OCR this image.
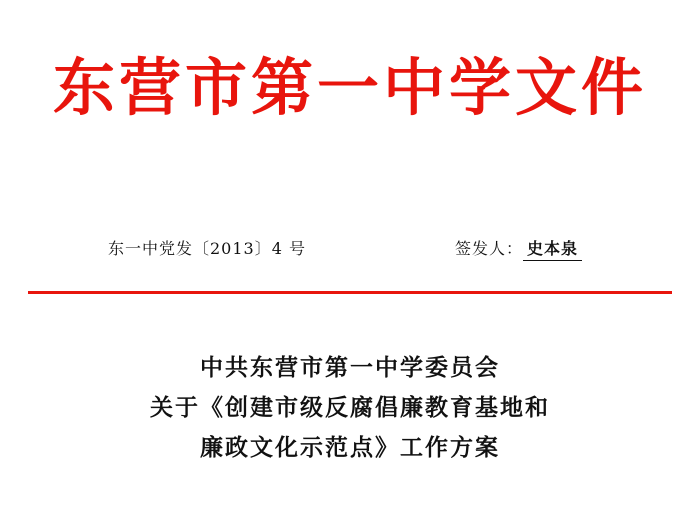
东营市第一中学文件
东一中党发〔2013〕4 号	签发人： 史本泉
中共东营市第一中学委员会
关于《创建市级反腐倡廉教育基地和
廉政文化示范点》工作方案
